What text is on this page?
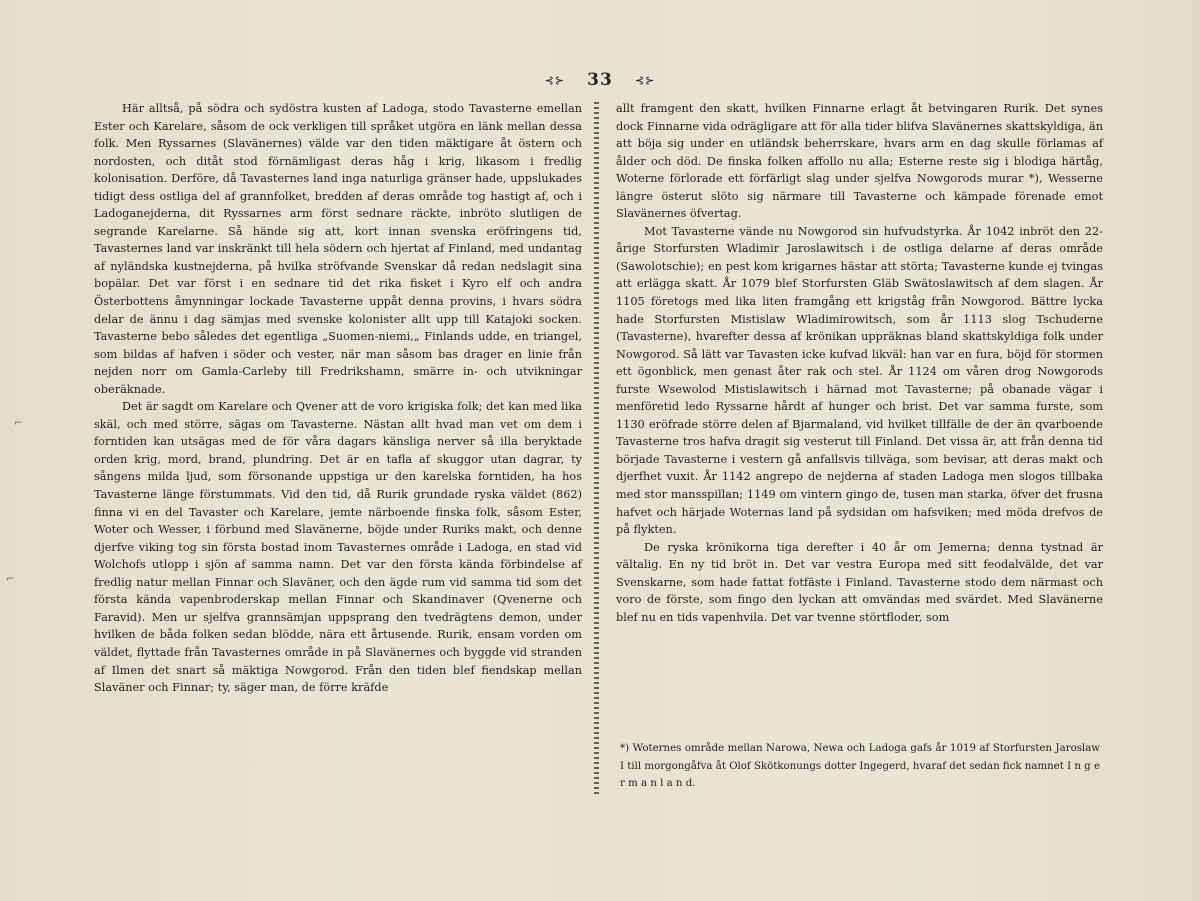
⊰⊱ 33 ⊰⊱

Här alltså, på södra och sydöstra kusten af Ladoga, stodo Tavasterne emellan Ester och Karelare, såsom de ock verkligen till språket utgöra en länk mellan dessa folk. Men Ryssarnes (Slavänernes) välde var den tiden mäktigare åt östern och nordosten, och ditåt stod förnämligast deras håg i krig, likasom i fredlig kolonisation. Derföre, då Tavasternes land inga naturliga gränser hade, uppslukades tidigt dess ostliga del af grannfolket, bredden af deras område tog hastigt af, och i Ladoganejderna, dit Ryssarnes arm först sednare räckte, inbröto slutligen de segrande Karelarne. Så hände sig att, kort innan svenska eröfringens tid, Tavasternes land var inskränkt till hela södern och hjertat af Finland, med undantag af nyländska kustnejderna, på hvilka ströfvande Svenskar då redan nedslagit sina bopälar. Det var först i en sednare tid det rika fisket i Kyro elf och andra Österbottens åmynningar lockade Tavasterne uppåt denna provins, i hvars södra delar de ännu i dag sämjas med svenske kolonister allt upp till Katajoki socken. Tavasterne bebo således det egentliga „Suomen-niemi,„ Finlands udde, en triangel, som bildas af hafven i söder och vester, när man såsom bas drager en linie från nejden norr om Gamla-Carleby till Fredrikshamn, smärre in- och utvikningar oberäknade.

Det är sagdt om Karelare och Qvener att de voro krigiska folk; det kan med lika skäl, och med större, sägas om Tavasterne. Nästan allt hvad man vet om dem i forntiden kan utsägas med de för våra dagars känsliga nerver så illa beryktade orden krig, mord, brand, plundring. Det är en tafla af skuggor utan dagrar, ty sångens milda ljud, som försonande uppstiga ur den karelska forntiden, ha hos Tavasterne länge förstummats. Vid den tid, då Rurik grundade ryska väldet (862) finna vi en del Tavaster och Karelare, jemte närboende finska folk, såsom Ester, Woter och Wesser, i förbund med Slavänerne, böjde under Ruriks makt, och denne djerfve viking tog sin första bostad inom Tavasternes område i Ladoga, en stad vid Wolchofs utlopp i sjön af samma namn. Det var den första kända förbindelse af fredlig natur mellan Finnar och Slaväner, och den ägde rum vid samma tid som det första kända vapenbroderskap mellan Finnar och Skandinaver (Qvenerne och Faravid). Men ur sjelfva grannsämjan uppsprang den tvedrägtens demon, under hvilken de båda folken sedan blödde, nära ett årtusende. Rurik, ensam vorden om väldet, flyttade från Tavasternes område in på Slavänernes och byggde vid stranden af Ilmen det snart så mäktiga Nowgorod. Från den tiden blef fiendskap mellan Slaväner och Finnar; ty, säger man, de förre kräfde

allt framgent den skatt, hvilken Finnarne erlagt åt betvingaren Rurik. Det synes dock Finnarne vida odrägligare att för alla tider blifva Slavänernes skattskyldiga, än att böja sig under en utländsk beherrskare, hvars arm en dag skulle förlamas af ålder och död. De finska folken affollo nu alla; Esterne reste sig i blodiga härtåg, Woterne förlorade ett förfärligt slag under sjelfva Nowgorods murar *), Wesserne längre österut slöto sig närmare till Tavasterne och kämpade förenade emot Slavänernes öfvertag.

Mot Tavasterne vände nu Nowgorod sin hufvudstyrka. År 1042 inbröt den 22-årige Storfursten Wladimir Jaroslawitsch i de ostliga delarne af deras område (Sawolotschie); en pest kom krigarnes hästar att störta; Tavasterne kunde ej tvingas att erlägga skatt. År 1079 blef Storfursten Gläb Swätoslawitsch af dem slagen. År 1105 företogs med lika liten framgång ett krigståg från Nowgorod. Bättre lycka hade Storfursten Mistislaw Wladimirowitsch, som år 1113 slog Tschuderne (Tavasterne), hvarefter dessa af krönikan uppräknas bland skattskyldiga folk under Nowgorod. Så lätt var Tavasten icke kufvad likväl: han var en fura, böjd för stormen ett ögonblick, men genast åter rak och stel. År 1124 om våren drog Nowgorods furste Wsewolod Mistislawitsch i härnad mot Tavasterne; på obanade vägar i menföretid ledo Ryssarne hårdt af hunger och brist. Det var samma furste, som 1130 eröfrade större delen af Bjarmaland, vid hvilket tillfälle de der än qvarboende Tavasterne tros hafva dragit sig vesterut till Finland. Det vissa är, att från denna tid började Tavasterne i vestern gå anfallsvis tillväga, som bevisar, att deras makt och djerfhet vuxit. År 1142 angrepo de nejderna af staden Ladoga men slogos tillbaka med stor mansspillan; 1149 om vintern gingo de, tusen man starka, öfver det frusna hafvet och härjade Woternas land på sydsidan om hafsviken; med möda drefvos de på flykten.

De ryska krönikorna tiga derefter i 40 år om Jemerna; denna tystnad är vältalig. En ny tid bröt in. Det var vestra Europa med sitt feodalvälde, det var Svenskarne, som hade fattat fotfäste i Finland. Tavasterne stodo dem närmast och voro de förste, som fingo den lyckan att omvändas med svärdet. Med Slavänerne blef nu en tids vapenhvila. Det var tvenne störtfloder, som

*) Woternes område mellan Narowa, Newa och Ladoga gafs år 1019 af Storfursten Jaroslaw I till morgongåfva åt Olof Skötkonungs dotter Ingegerd, hvaraf det sedan fick namnet I n g e r m a n l a n d.

⌐
⌐
